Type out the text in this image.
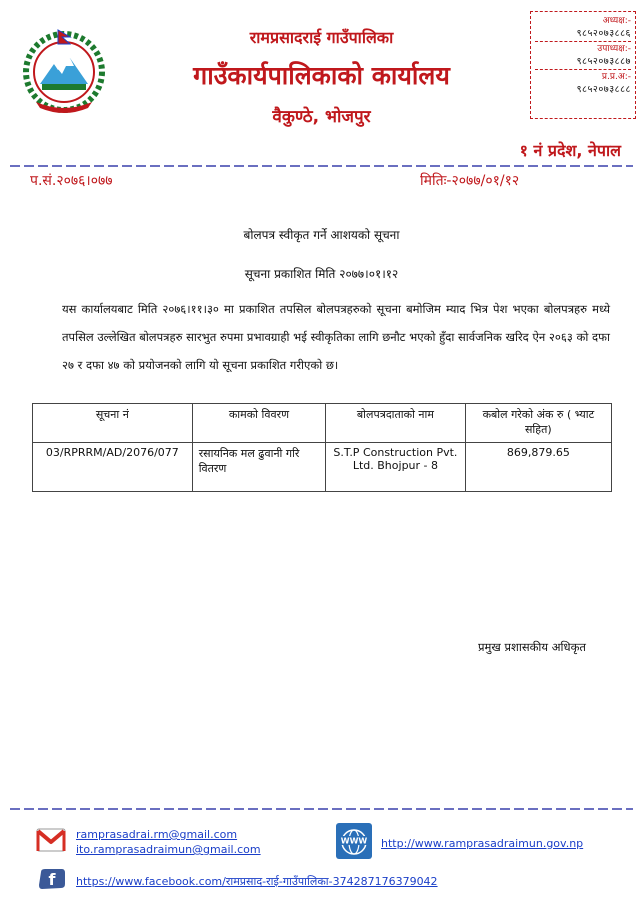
रामप्रसादराई गाउँपालिका
गाउँकार्यपालिकाको कार्यालय
वैकुण्ठे, भोजपुर
अध्यक्ष:-
९८५२०७३८८६
उपाध्यक्ष:-
९८५२०७३८८७
प्र.प्र.अ:-
९८५२०७३८८८
१ नं प्रदेश, नेपाल
प.सं.२०७६।०७७	मितिः-२०७७/०१/१२
बोलपत्र स्वीकृत गर्ने आशयको सूचना
सूचना प्रकाशित मिति २०७७।०१।१२

यस कार्यालयबाट मिति २०७६।११।३० मा प्रकाशित तपसिल बोलपत्रहरुको सूचना बमोजिम म्याद भित्र पेश भएका बोलपत्रहरु मध्ये तपसिल उल्लेखित बोलपत्रहरु सारभुत रुपमा प्रभावग्राही भई स्वीकृतिका लागि छनौट भएको हुँदा सार्वजनिक खरिद ऐन २०६३ को दफा २७ र दफा ४७ को प्रयोजनको लागि यो सूचना प्रकाशित गरीएको छ।

सूचना नं	कामको विवरण	बोलपत्रदाताको नाम	कबोल गरेको अंक रु ( भ्याट सहित)
03/RPRRM/AD/2076/077	रसायनिक मल ढुवानी गरि वितरण	S.T.P Construction Pvt. Ltd. Bhojpur - 8	869,879.65
प्रमुख प्रशासकीय अधिकृत
ramprasadrai.rm@gmail.com
ito.ramprasadraimun@gmail.com
WWW http://www.ramprasadraimun.gov.np
f https://www.facebook.com/रामप्रसाद-राई-गाउँपालिका-374287176379042
